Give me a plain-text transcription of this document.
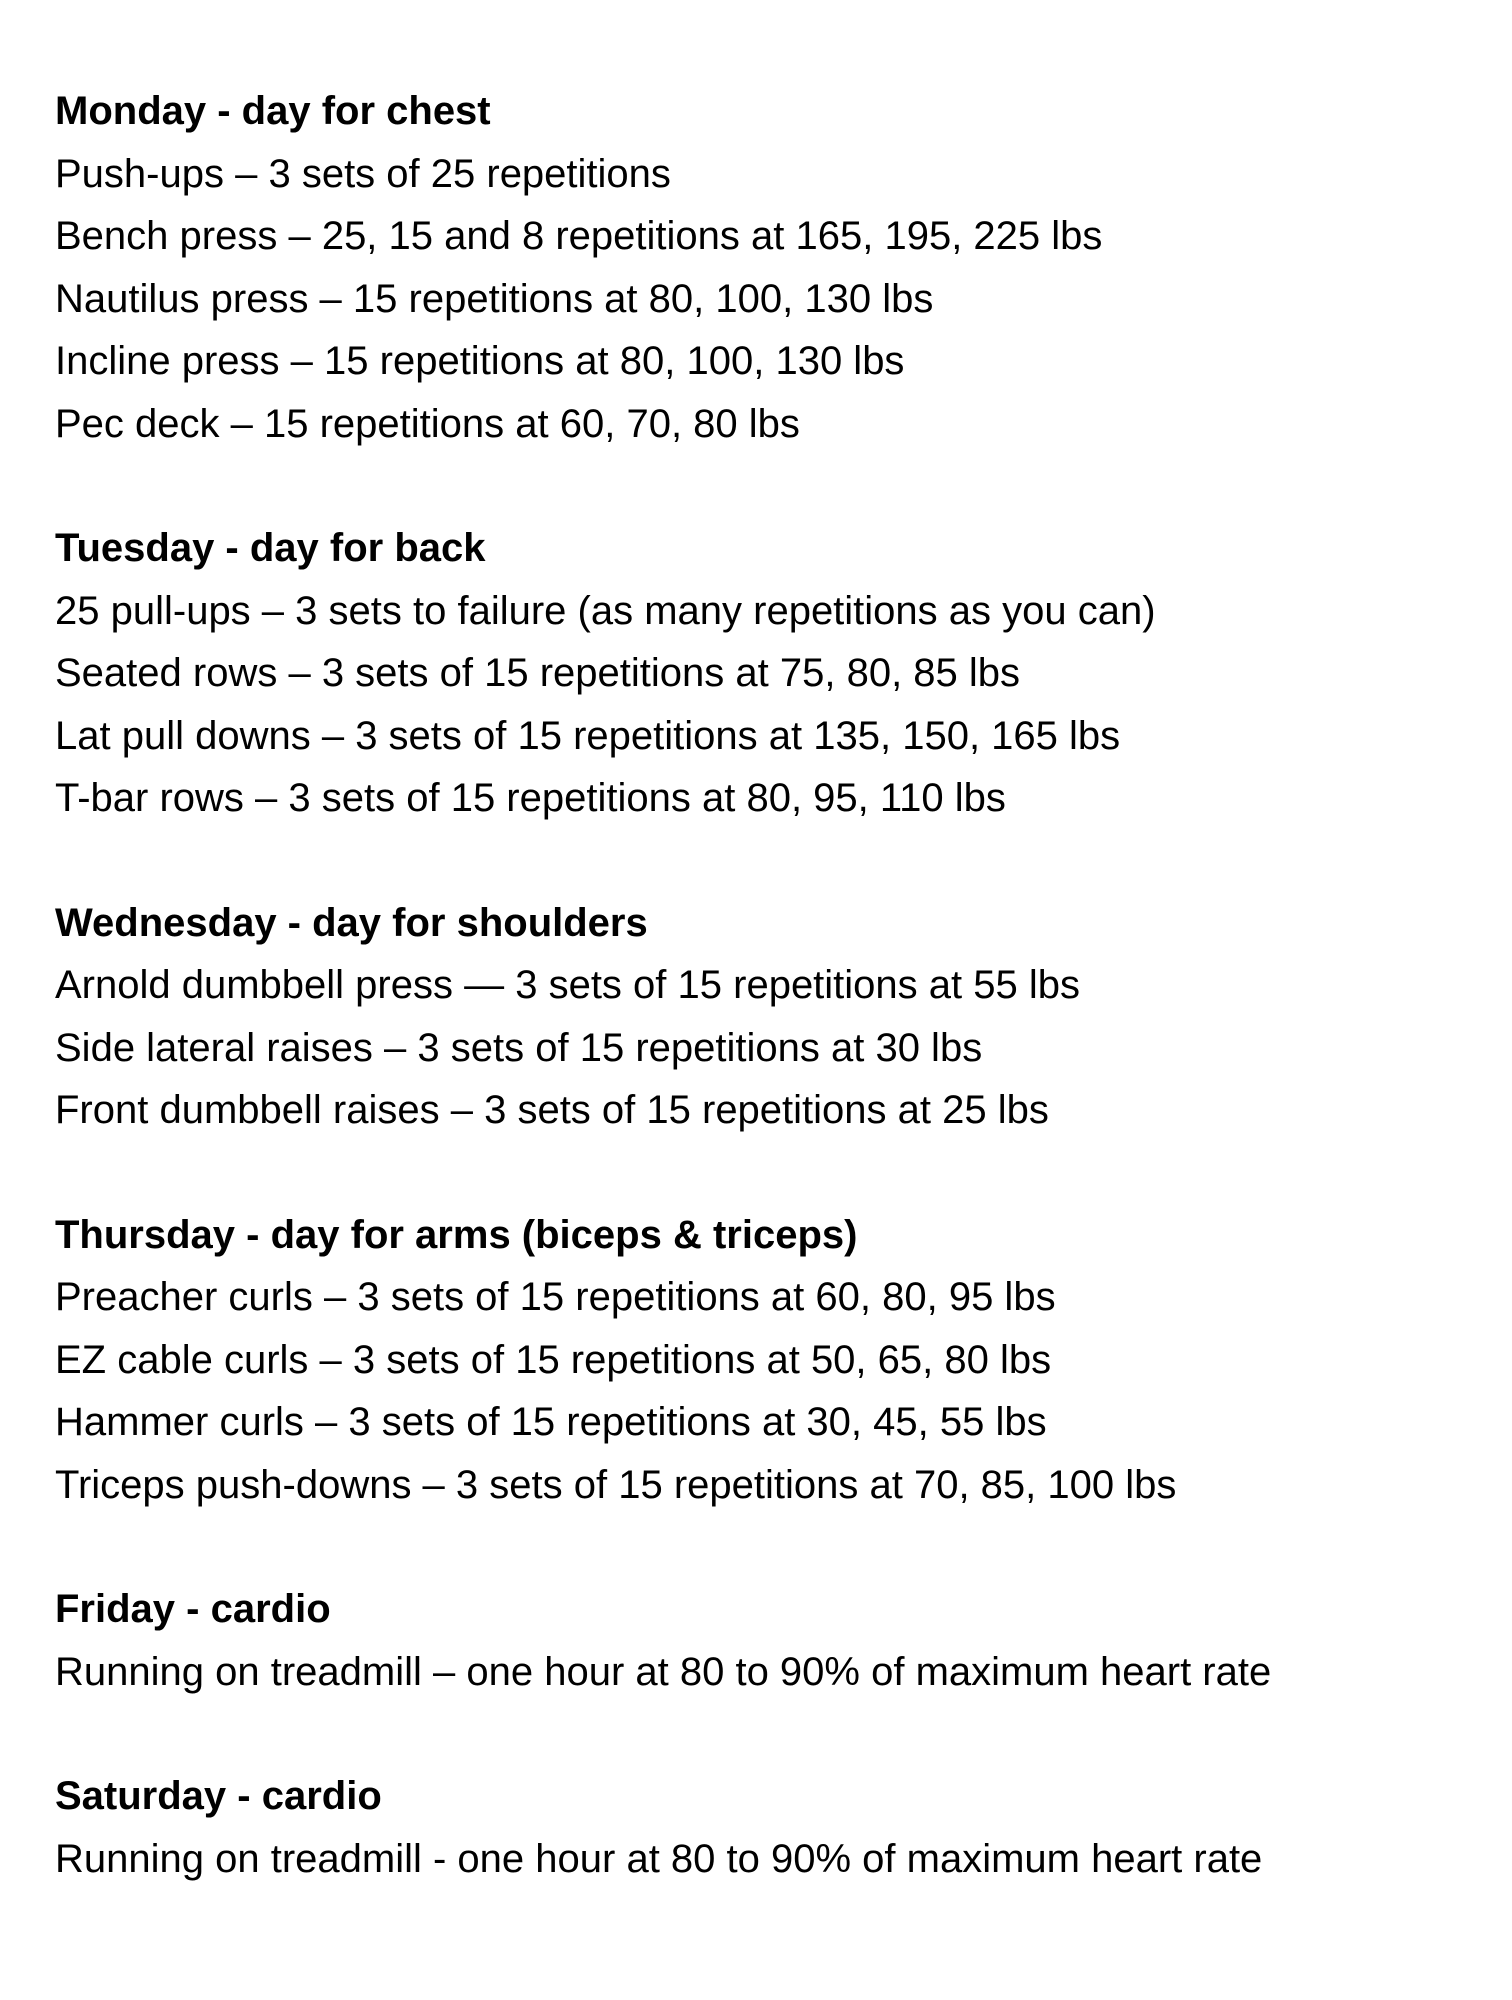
Monday - day for chest
Push-ups – 3 sets of 25 repetitions
Bench press – 25, 15 and 8 repetitions at 165, 195, 225 lbs
Nautilus press – 15 repetitions at 80, 100, 130 lbs
Incline press – 15 repetitions at 80, 100, 130 lbs
Pec deck – 15 repetitions at 60, 70, 80 lbs
Tuesday - day for back
25 pull-ups – 3 sets to failure (as many repetitions as you can)
Seated rows – 3 sets of 15 repetitions at 75, 80, 85 lbs
Lat pull downs – 3 sets of 15 repetitions at 135, 150, 165 lbs
T-bar rows – 3 sets of 15 repetitions at 80, 95, 110 lbs
Wednesday - day for shoulders
Arnold dumbbell press — 3 sets of 15 repetitions at 55 lbs
Side lateral raises – 3 sets of 15 repetitions at 30 lbs
Front dumbbell raises – 3 sets of 15 repetitions at 25 lbs
Thursday - day for arms (biceps & triceps)
Preacher curls – 3 sets of 15 repetitions at 60, 80, 95 lbs
EZ cable curls – 3 sets of 15 repetitions at 50, 65, 80 lbs
Hammer curls – 3 sets of 15 repetitions at 30, 45, 55 lbs
Triceps push-downs – 3 sets of 15 repetitions at 70, 85, 100 lbs
Friday - cardio
Running on treadmill – one hour at 80 to 90% of maximum heart rate
Saturday - cardio
Running on treadmill - one hour at 80 to 90% of maximum heart rate
